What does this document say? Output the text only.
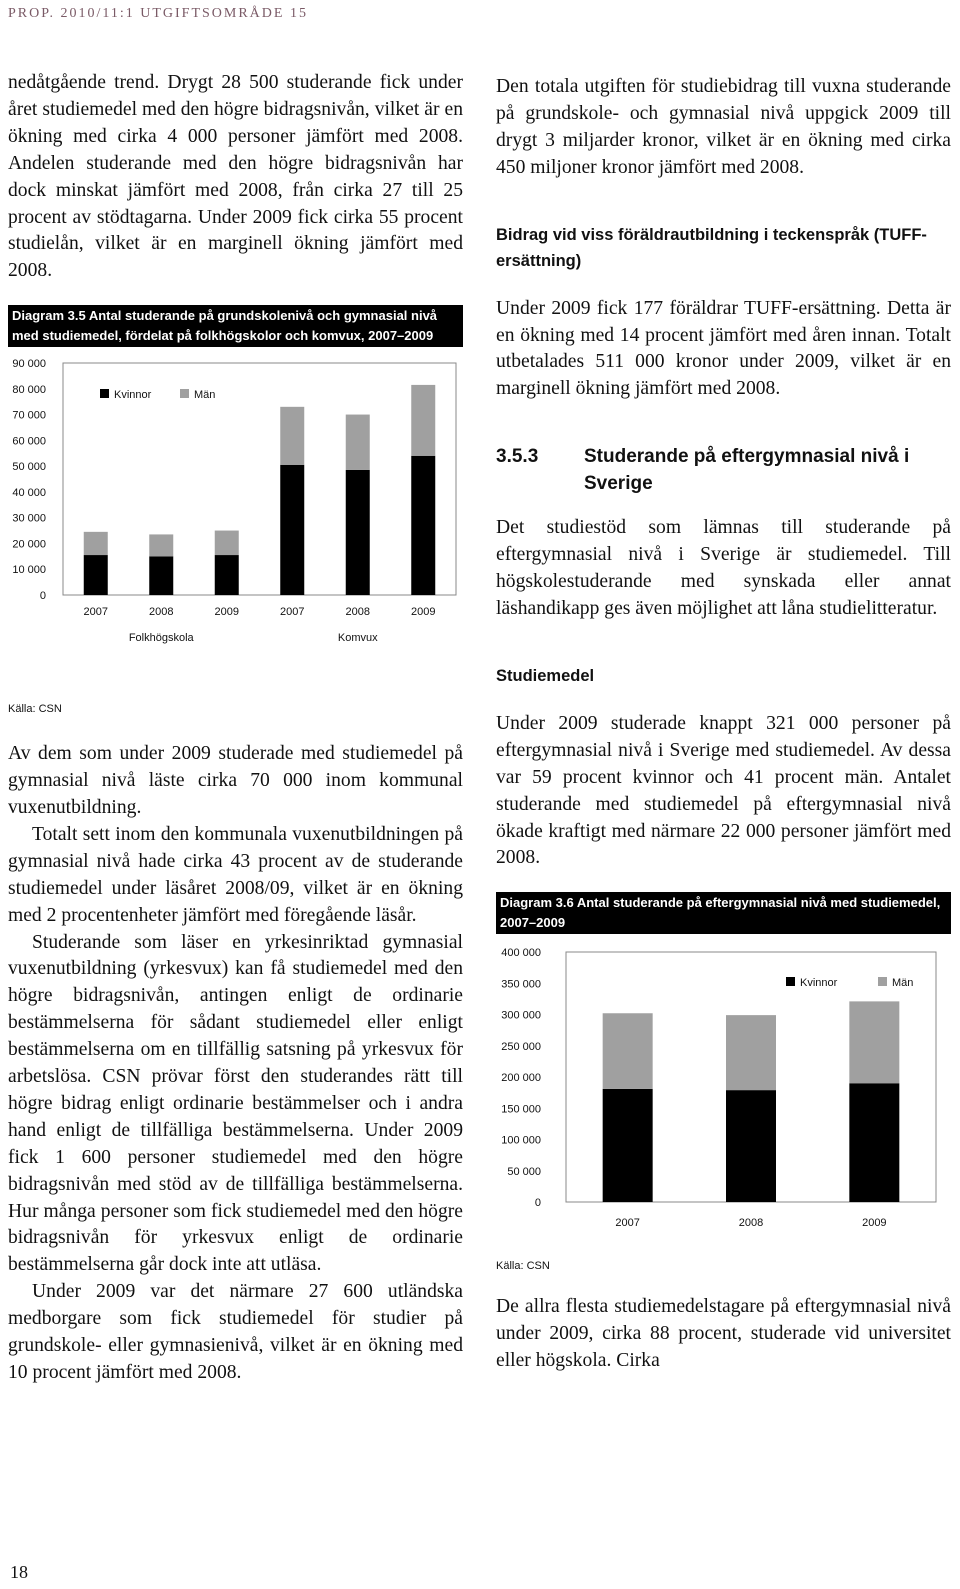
PROP. 2010/11:1 UTGIFTSOMRÅDE 15

nedåtgående trend. Drygt 28 500 studerande fick under året studiemedel med den högre bidragsnivån, vilket är en ökning med cirka 4 000 personer jämfört med 2008. Andelen studerande med den högre bidragsnivån har dock minskat jämfört med 2008, från cirka 27 till 25 procent av stödtagarna. Under 2009 fick cirka 55 procent studielån, vilket är en marginell ökning jämfört med 2008.

Diagram 3.5 Antal studerande på grundskolenivå och gymnasial nivå med studiemedel, fördelat på folkhögskolor och komvux, 2007–2009
0
10 000
20 000
30 000
40 000
50 000
60 000
70 000
80 000
90 000
2007	2008	2009	2007	2008	2009
Folkhögskola	Komvux
Kvinnor	Män
Källa: CSN

Av dem som under 2009 studerade med studiemedel på gymnasial nivå läste cirka 70 000 inom kommunal vuxenutbildning.

Totalt sett inom den kommunala vuxenutbildningen på gymnasial nivå hade cirka 43 procent av de studerande studiemedel under läsåret 2008/09, vilket är en ökning med 2 procentenheter jämfört med föregående läsår.

Studerande som läser en yrkesinriktad gymnasial vuxenutbildning (yrkesvux) kan få studiemedel med den högre bidragsnivån, antingen enligt de ordinarie bestämmelserna för sådant studiemedel eller enligt bestämmelserna om en tillfällig satsning på yrkesvux för arbetslösa. CSN prövar först den studerandes rätt till högre bidrag enligt ordinarie bestämmelser och i andra hand enligt de tillfälliga bestämmelserna. Under 2009 fick 1 600 personer studiemedel med den högre bidragsnivån med stöd av de tillfälliga bestämmelserna. Hur många personer som fick studiemedel med den högre bidragsnivån för yrkesvux enligt de ordinarie bestämmelserna går dock inte att utläsa.

Under 2009 var det närmare 27 600 utländska medborgare som fick studiemedel för studier på grundskole- eller gymnasienivå, vilket är en ökning med 10 procent jämfört med 2008.

Den totala utgiften för studiebidrag till vuxna studerande på grundskole- och gymnasial nivå uppgick 2009 till drygt 3 miljarder kronor, vilket är en ökning med cirka 450 miljoner kronor jämfört med 2008.

Bidrag vid viss föräldrautbildning i teckenspråk (TUFF- ersättning)

Under 2009 fick 177 föräldrar TUFF-ersättning. Detta är en ökning med 14 procent jämfört med åren innan. Totalt utbetalades 511 000 kronor under 2009, vilket är en marginell ökning jämfört med 2008.

3.5.3	Studerande på eftergymnasial nivå i Sverige

Det studiestöd som lämnas till studerande på eftergymnasial nivå i Sverige är studiemedel. Till högskolestuderande med synskada eller annat läshandikapp ges även möjlighet att låna studielitteratur.

Studiemedel

Under 2009 studerade knappt 321 000 personer på eftergymnasial nivå i Sverige med studiemedel. Av dessa var 59 procent kvinnor och 41 procent män. Antalet studerande med studiemedel på eftergymnasial nivå ökade kraftigt med närmare 22 000 personer jämfört med 2008.

Diagram 3.6 Antal studerande på eftergymnasial nivå med studiemedel, 2007–2009
0
50 000
100 000
150 000
200 000
250 000
300 000
350 000
400 000
2007	2008	2009
Kvinnor	Män
Källa: CSN

De allra flesta studiemedelstagare på eftergymnasial nivå under 2009, cirka 88 procent, studerade vid universitet eller högskola. Cirka

18
